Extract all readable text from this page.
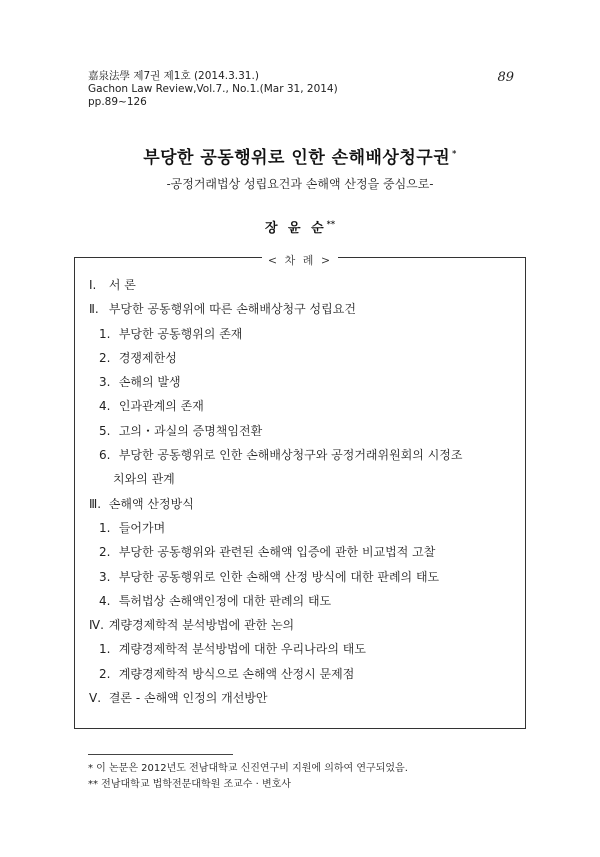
嘉泉法學 제7권 제1호 (2014.3.31.)
Gachon Law Review,Vol.7., No.1.(Mar 31, 2014)
pp.89~126
89
부당한 공동행위로 인한 손해배상청구권 *
-공정거래법상 성립요건과 손해액 산정을 중심으로-
장 윤 순**
< 차 례 >
Ⅰ. 서 론
Ⅱ. 부당한 공동행위에 따른 손해배상청구 성립요건
1. 부당한 공동행위의 존재
2. 경쟁제한성
3. 손해의 발생
4. 인과관계의 존재
5. 고의・과실의 증명책임전환
6. 부당한 공동행위로 인한 손해배상청구와 공정거래위원회의 시정조
치와의 관계
Ⅲ. 손해액 산정방식
1. 들어가며
2. 부당한 공동행위와 관련된 손해액 입증에 관한 비교법적 고찰
3. 부당한 공동행위로 인한 손해액 산정 방식에 대한 판례의 태도
4. 특허법상 손해액인정에 대한 판례의 태도
Ⅳ. 계량경제학적 분석방법에 관한 논의
1. 계량경제학적 분석방법에 대한 우리나라의 태도
2. 계량경제학적 방식으로 손해액 산정시 문제점
Ⅴ. 결론 - 손해액 인정의 개선방안
* 이 논문은 2012년도 전남대학교 신진연구비 지원에 의하여 연구되었음.
** 전남대학교 법학전문대학원 조교수 · 변호사
